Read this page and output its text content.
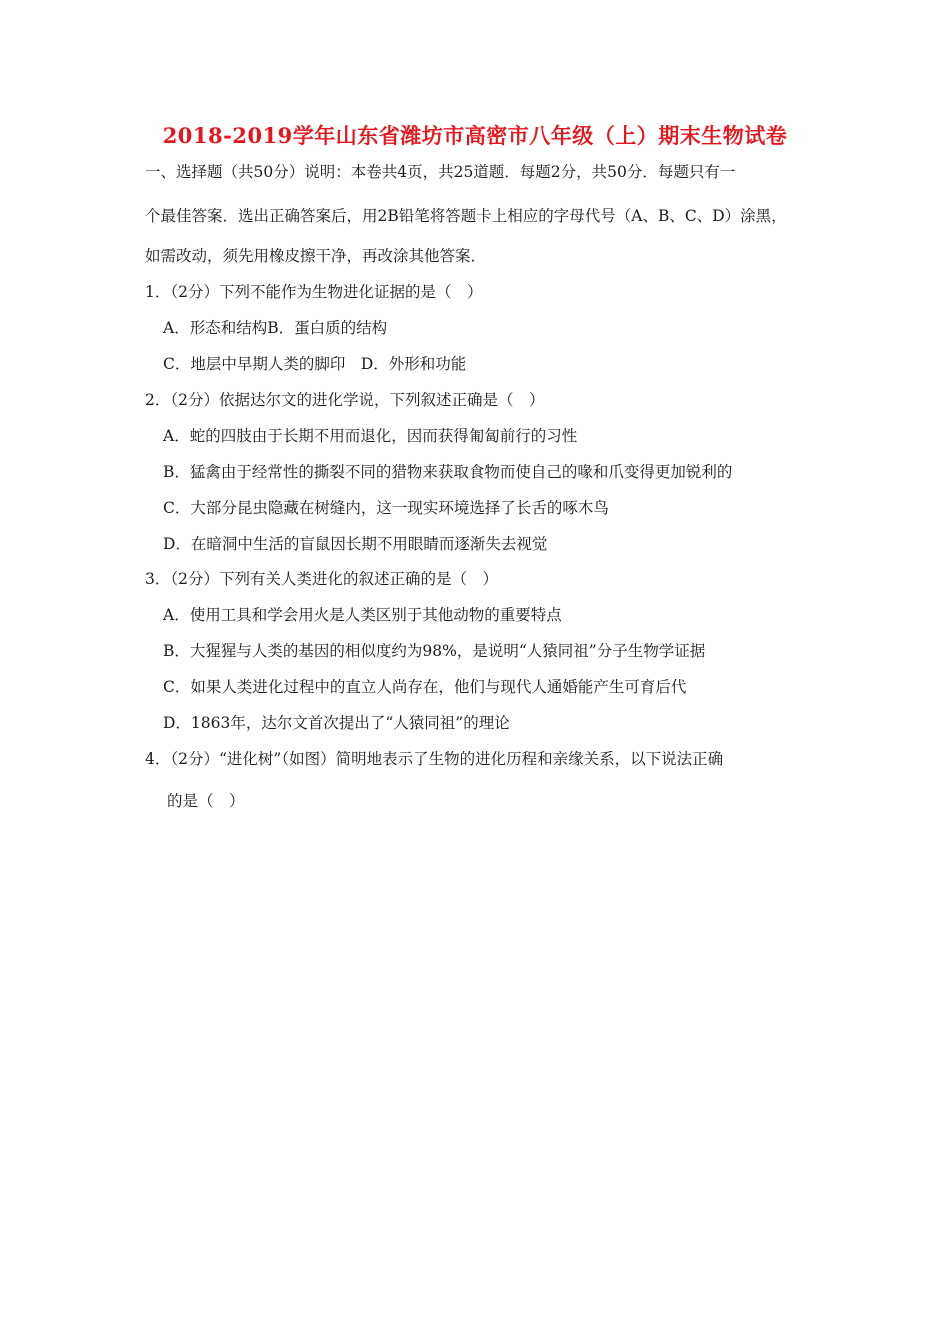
2018-2019学年山东省潍坊市高密市八年级（上）期末生物试卷
一、选择题（共50分）说明：本卷共4页，共25道题．每题2分，共50分．每题只有一
个最佳答案．选出正确答案后，用2B铅笔将答题卡上相应的字母代号（A、B、C、D）涂黑，
如需改动，须先用橡皮擦干净，再改涂其他答案．
1．（2分）下列不能作为生物进化证据的是（　）
A．形态和结构B．蛋白质的结构
C．地层中早期人类的脚印　D．外形和功能
2．（2分）依据达尔文的进化学说，下列叙述正确是（　）
A．蛇的四肢由于长期不用而退化，因而获得匍匐前行的习性
B．猛禽由于经常性的撕裂不同的猎物来获取食物而使自己的喙和爪变得更加锐利的
C．大部分昆虫隐藏在树缝内，这一现实环境选择了长舌的啄木鸟
D．在暗洞中生活的盲鼠因长期不用眼睛而逐渐失去视觉
3．（2分）下列有关人类进化的叙述正确的是（　）
A．使用工具和学会用火是人类区别于其他动物的重要特点
B．大猩猩与人类的基因的相似度约为98%，是说明“人猿同祖”分子生物学证据
C．如果人类进化过程中的直立人尚存在，他们与现代人通婚能产生可育后代
D．1863年，达尔文首次提出了“人猿同祖”的理论
4．（2分）“进化树”（如图）简明地表示了生物的进化历程和亲缘关系，以下说法正确
的是（　）
